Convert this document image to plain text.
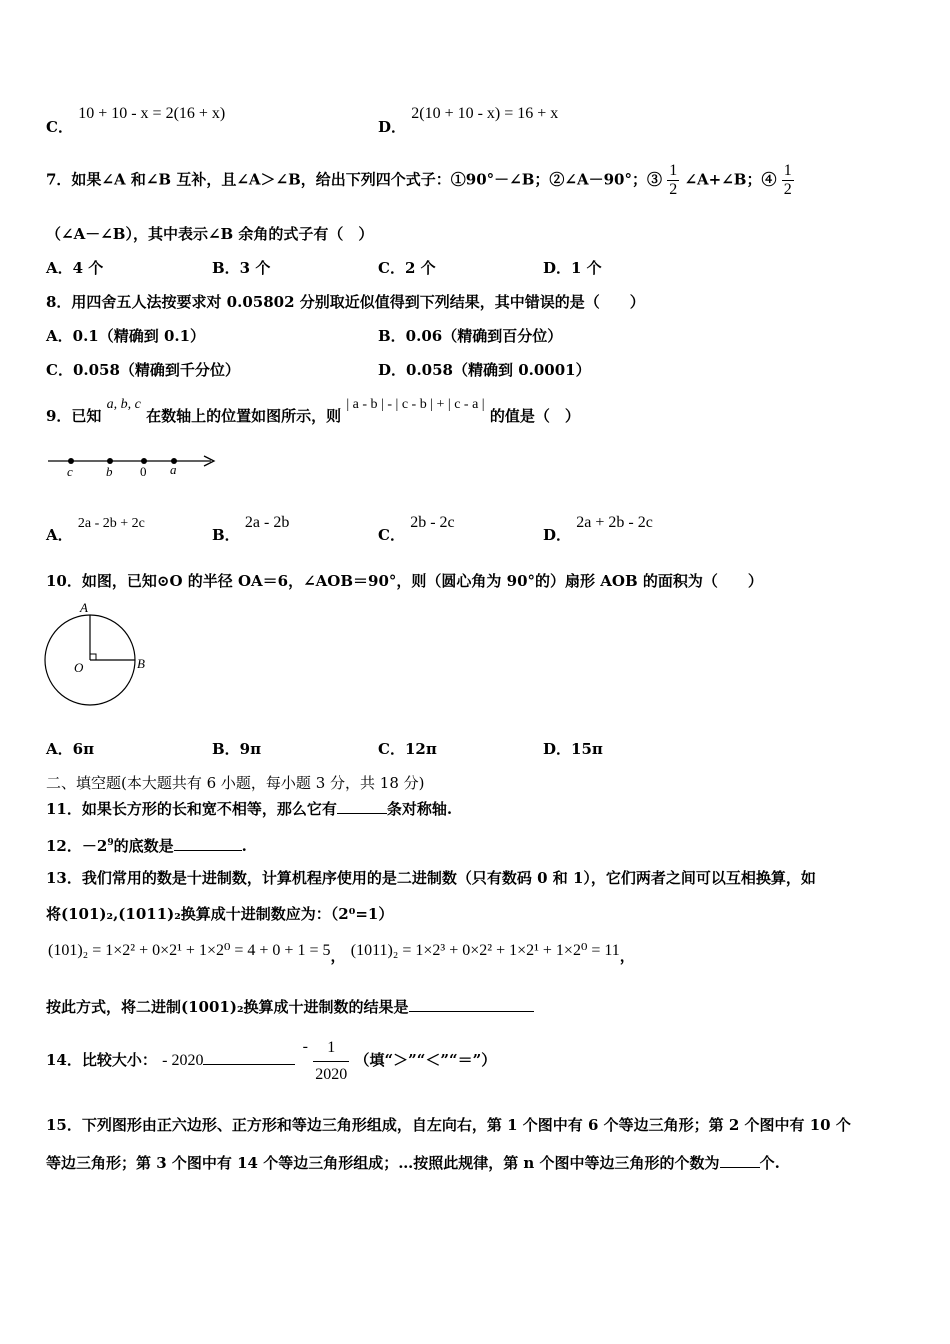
C． 10 + 10 - x = 2(16 + x)
D． 2(10 + 10 - x) = 16 + x
7．如果∠A 和∠B 互补，且∠A＞∠B，给出下列四个式子：①90°－∠B；②∠A－90°；③ $\frac{1}{2}$ ∠A+∠B；④ $\frac{1}{2}$
（∠A－∠B），其中表示∠B 余角的式子有（　）
A．4 个	B．3 个	C．2 个	D．1 个
8．用四舍五人法按要求对 0.05802 分别取近似值得到下列结果，其中错误的是（　　）
A．0.1（精确到 0.1）	B．0.06（精确到百分位）
C．0.058（精确到千分位）	D．0.058（精确到 0.0001）
9．已知 a, b, c 在数轴上的位置如图所示，则 | a - b | - | c - b | + | c - a | 的值是（　）
c	b 0 a
A． 2a - 2b + 2c
B． 2a - 2b
C． 2b - 2c
D． 2a + 2b - 2c
10．如图，已知⊙O 的半径 OA＝6，∠AOB＝90°，则（圆心角为 90°的）扇形 AOB 的面积为（　　）
A
O	B
A．6π	B．9π	C．12π	D．15π
二、填空题(本大题共有 6 小题，每小题 3 分，共 18 分)
11．如果长方形的长和宽不相等，那么它有	条对称轴.
12．$-2^9$的底数是	.
13．我们常用的数是十进制数，计算机程序使用的是二进制数（只有数码 0 和 1），它们两者之间可以互相换算，如
将(101)₂,(1011)₂换算成十进制数应为：（2⁰=1）
(101)₂ = 1×2² + 0×2¹ + 1×2⁰ = 4 + 0 + 1 = 5， (1011)₂ = 1×2³ + 0×2² + 1×2¹ + 1×2⁰ = 11，
按此方式，将二进制(1001)₂换算成十进制数的结果是
14．比较大小： - $2020 - \frac{1}{2020}$ （填“＞”“＜”“＝”）
15．下列图形由正六边形、正方形和等边三角形组成，自左向右，第 1 个图中有 6 个等边三角形；第 2 个图中有 10 个
等边三角形；第 3 个图中有 14 个等边三角形组成；…按照此规律，第 n 个图中等边三角形的个数为	个.
